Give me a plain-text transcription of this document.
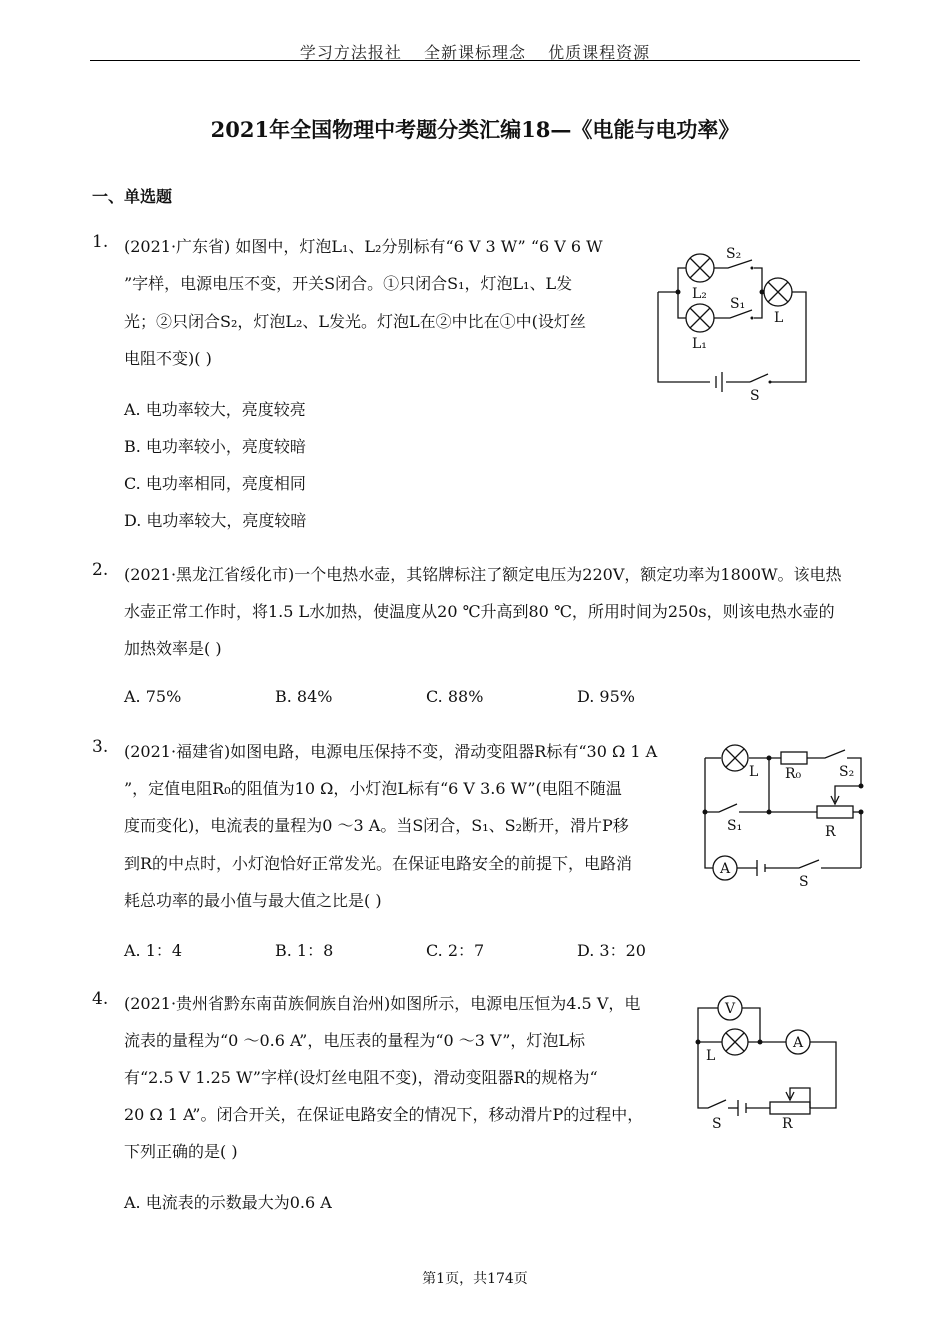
学习方法报社 全新课标理念 优质课程资源
2021年全国物理中考题分类汇编18—《电能与电功率》
一、单选题
1. (2021·广东省) 如图中，灯泡L₁、L₂分别标有“6 V 3 W” “6 V 6 W
”字样，电源电压不变，开关S闭合。①只闭合S₁，灯泡L₁、L发
光；②只闭合S₂，灯泡L₂、L发光。灯泡L在②中比在①中(设灯丝
电阻不变)( )
A. 电功率较大，亮度较亮
B. 电功率较小，亮度较暗
C. 电功率相同，亮度相同
D. 电功率较大，亮度较暗
S₂
S₁
L₂
L₁
L
S
2. (2021·黑龙江省绥化市)一个电热水壶，其铭牌标注了额定电压为220V，额定功率为1800W。该电热
水壶正常工作时，将1.5 L水加热，使温度从20 ℃升高到80 ℃，所用时间为250s，则该电热水壶的
加热效率是( )
A. 75%	B. 84%	C. 88%	D. 95%
3. (2021·福建省)如图电路，电源电压保持不变，滑动变阻器R标有“30 Ω 1 A
”，定值电阻R₀的阻值为10 Ω，小灯泡L标有“6 V 3.6 W”(电阻不随温
度而变化)，电流表的量程为0 ～3 A。当S闭合，S₁、S₂断开，滑片P移
到R的中点时，小灯泡恰好正常发光。在保证电路安全的前提下，电路消
耗总功率的最小值与最大值之比是( )
A. 1：4	B. 1：8	C. 2：7	D. 3：20
A
L R₀	S₂
S₁	R
S
4. (2021·贵州省黔东南苗族侗族自治州)如图所示，电源电压恒为4.5 V，电
流表的量程为“0 ～0.6 A”，电压表的量程为“0 ～3 V”，灯泡L标
有“2.5 V 1.25 W”字样(设灯丝电阻不变)，滑动变阻器R的规格为“
20 Ω 1 A”。闭合开关，在保证电路安全的情况下，移动滑片P的过程中，
下列正确的是( )
A. 电流表的示数最大为0.6 A
V
A
L
S	R
第1页，共174页
